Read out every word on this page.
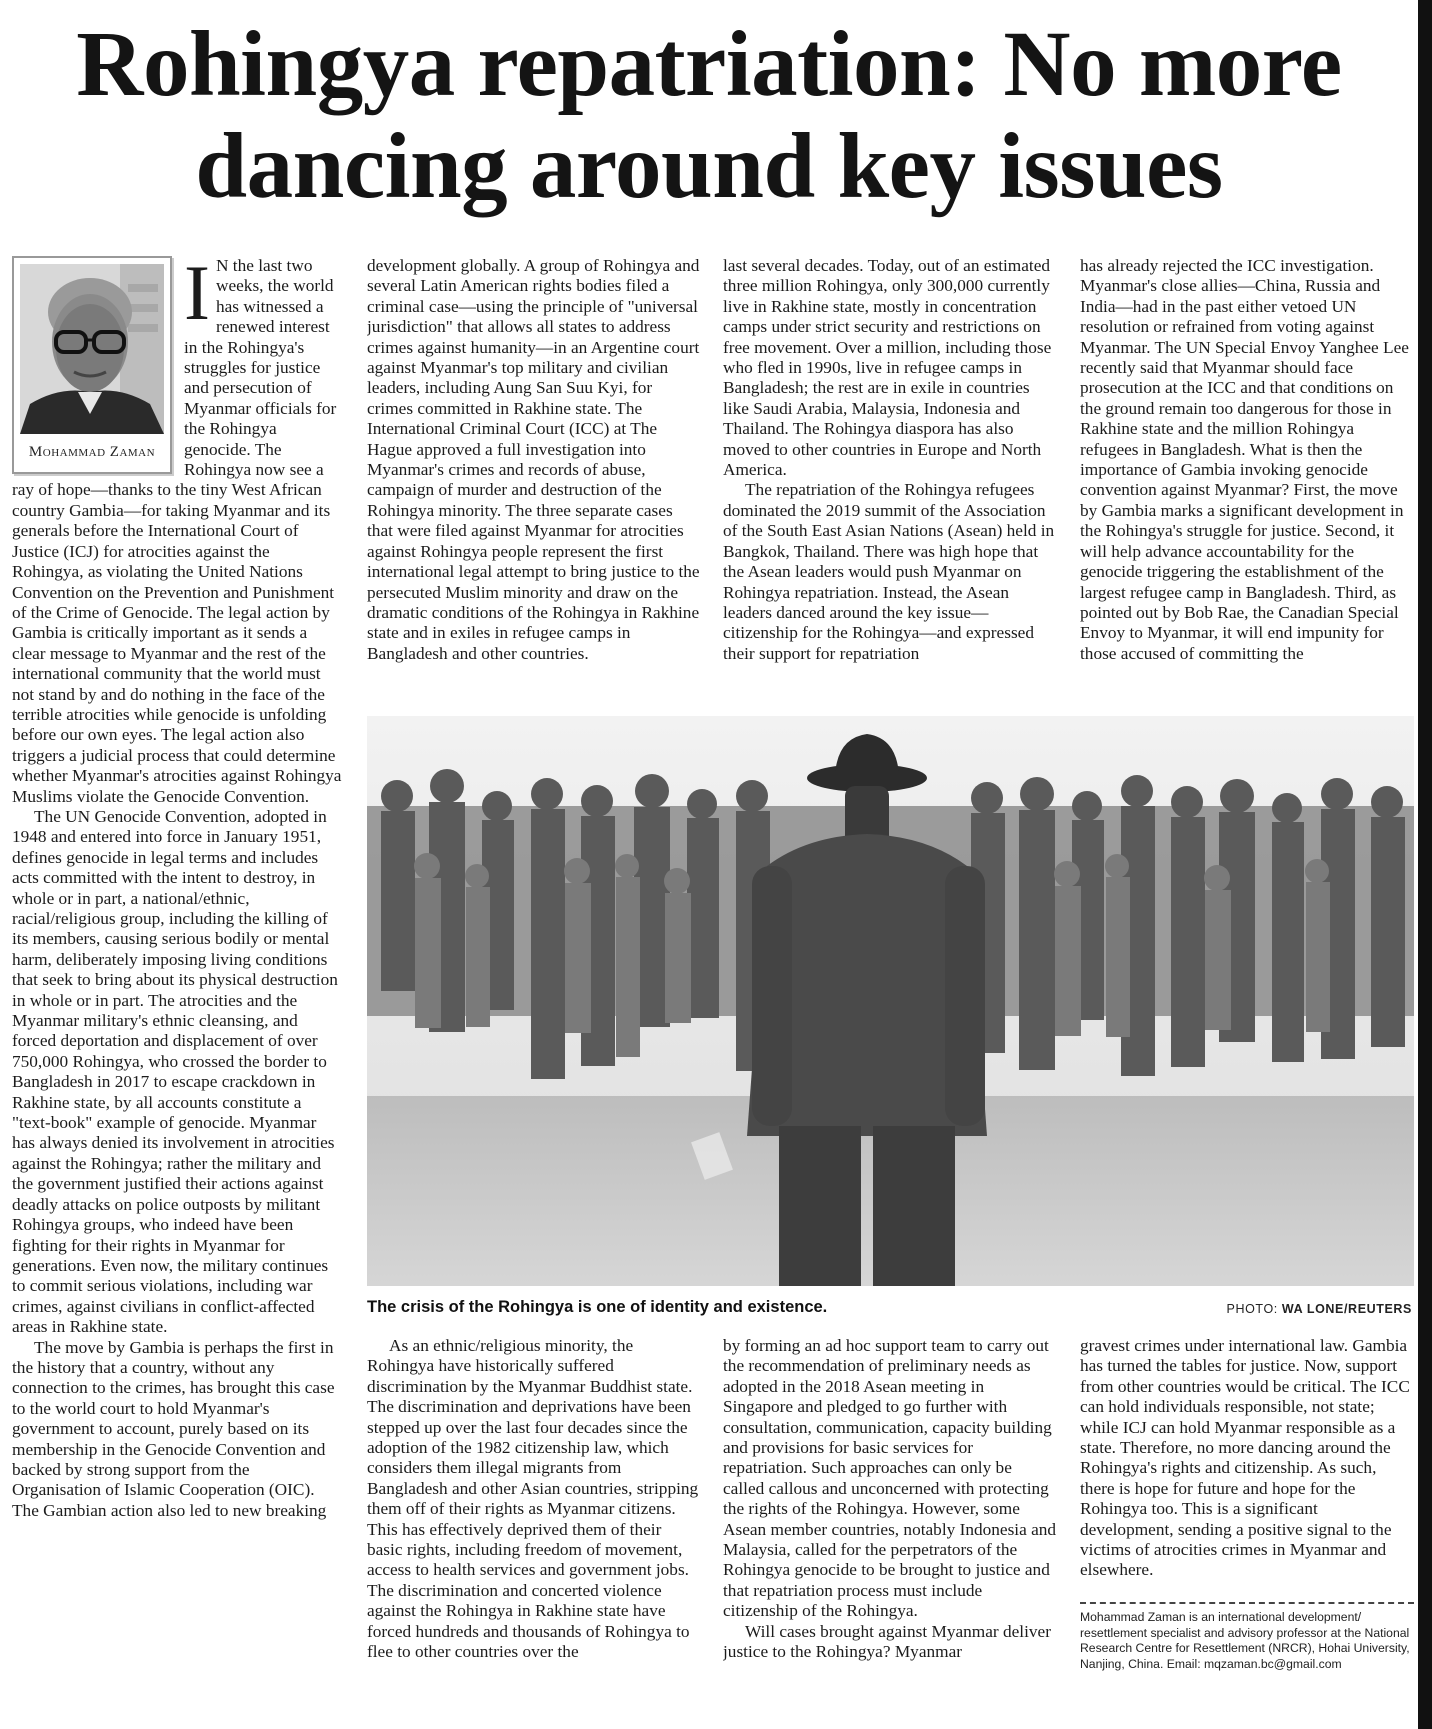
Rohingya repatriation: No more
dancing around key issues
Mohammad Zaman
I N the last two weeks, the world has witnessed a renewed interest in the Rohingya's struggles for justice and persecution of Myanmar officials for the Rohingya genocide. The Rohingya now see a ray of hope—thanks to the tiny West African country Gambia—for taking Myanmar and its generals before the International Court of Justice (ICJ) for atrocities against the Rohingya, as violating the United Nations Convention on the Prevention and Punishment of the Crime of Genocide. The legal action by Gambia is critically important as it sends a clear message to Myanmar and the rest of the international community that the world must not stand by and do nothing in the face of the terrible atrocities while genocide is unfolding before our own eyes. The legal action also triggers a judicial process that could determine whether Myanmar's atrocities against Rohingya Muslims violate the Genocide Convention.

The UN Genocide Convention, adopted in 1948 and entered into force in January 1951, defines genocide in legal terms and includes acts committed with the intent to destroy, in whole or in part, a national/ethnic, racial/religious group, including the killing of its members, causing serious bodily or mental harm, deliberately imposing living conditions that seek to bring about its physical destruction in whole or in part. The atrocities and the Myanmar military's ethnic cleansing, and forced deportation and displacement of over 750,000 Rohingya, who crossed the border to Bangladesh in 2017 to escape crackdown in Rakhine state, by all accounts constitute a "text-book" example of genocide. Myanmar has always denied its involvement in atrocities against the Rohingya; rather the military and the government justified their actions against deadly attacks on police outposts by militant Rohingya groups, who indeed have been fighting for their rights in Myanmar for generations. Even now, the military continues to commit serious violations, including war crimes, against civilians in conflict-affected areas in Rakhine state.

The move by Gambia is perhaps the first in the history that a country, without any connection to the crimes, has brought this case to the world court to hold Myanmar's government to account, purely based on its membership in the Genocide Convention and backed by strong support from the Organisation of Islamic Cooperation (OIC). The Gambian action also led to new breaking

development globally. A group of Rohingya and several Latin American rights bodies filed a criminal case—using the principle of "universal jurisdiction" that allows all states to address crimes against humanity—in an Argentine court against Myanmar's top military and civilian leaders, including Aung San Suu Kyi, for crimes committed in Rakhine state. The International Criminal Court (ICC) at The Hague approved a full investigation into Myanmar's crimes and records of abuse, campaign of murder and destruction of the Rohingya minority. The three separate cases that were filed against Myanmar for atrocities against Rohingya people represent the first international legal attempt to bring justice to the persecuted Muslim minority and draw on the dramatic conditions of the Rohingya in Rakhine state and in exiles in refugee camps in Bangladesh and other countries.

last several decades. Today, out of an estimated three million Rohingya, only 300,000 currently live in Rakhine state, mostly in concentration camps under strict security and restrictions on free movement. Over a million, including those who fled in 1990s, live in refugee camps in Bangladesh; the rest are in exile in countries like Saudi Arabia, Malaysia, Indonesia and Thailand. The Rohingya diaspora has also moved to other countries in Europe and North America.

The repatriation of the Rohingya refugees dominated the 2019 summit of the Association of the South East Asian Nations (Asean) held in Bangkok, Thailand. There was high hope that the Asean leaders would push Myanmar on Rohingya repatriation. Instead, the Asean leaders danced around the key issue—citizenship for the Rohingya—and expressed their support for repatriation

has already rejected the ICC investigation. Myanmar's close allies—China, Russia and India—had in the past either vetoed UN resolution or refrained from voting against Myanmar. The UN Special Envoy Yanghee Lee recently said that Myanmar should face prosecution at the ICC and that conditions on the ground remain too dangerous for those in Rakhine state and the million Rohingya refugees in Bangladesh. What is then the importance of Gambia invoking genocide convention against Myanmar? First, the move by Gambia marks a significant development in the Rohingya's struggle for justice. Second, it will help advance accountability for the genocide triggering the establishment of the largest refugee camp in Bangladesh. Third, as pointed out by Bob Rae, the Canadian Special Envoy to Myanmar, it will end impunity for those accused of committing the

The crisis of the Rohingya is one of identity and existence.	PHOTO: WA LONE/REUTERS

As an ethnic/religious minority, the Rohingya have historically suffered discrimination by the Myanmar Buddhist state. The discrimination and deprivations have been stepped up over the last four decades since the adoption of the 1982 citizenship law, which considers them illegal migrants from Bangladesh and other Asian countries, stripping them off of their rights as Myanmar citizens. This has effectively deprived them of their basic rights, including freedom of movement, access to health services and government jobs. The discrimination and concerted violence against the Rohingya in Rakhine state have forced hundreds and thousands of Rohingya to flee to other countries over the

by forming an ad hoc support team to carry out the recommendation of preliminary needs as adopted in the 2018 Asean meeting in Singapore and pledged to go further with consultation, communication, capacity building and provisions for basic services for repatriation. Such approaches can only be called callous and unconcerned with protecting the rights of the Rohingya. However, some Asean member countries, notably Indonesia and Malaysia, called for the perpetrators of the Rohingya genocide to be brought to justice and that repatriation process must include citizenship of the Rohingya.

Will cases brought against Myanmar deliver justice to the Rohingya? Myanmar

gravest crimes under international law. Gambia has turned the tables for justice. Now, support from other countries would be critical. The ICC can hold individuals responsible, not state; while ICJ can hold Myanmar responsible as a state. Therefore, no more dancing around the Rohingya's rights and citizenship. As such, there is hope for future and hope for the Rohingya too. This is a significant development, sending a positive signal to the victims of atrocities crimes in Myanmar and elsewhere.

Mohammad Zaman is an international development/ resettlement specialist and advisory professor at the National Research Centre for Resettlement (NRCR), Hohai University, Nanjing, China. Email: mqzaman.bc@gmail.com
